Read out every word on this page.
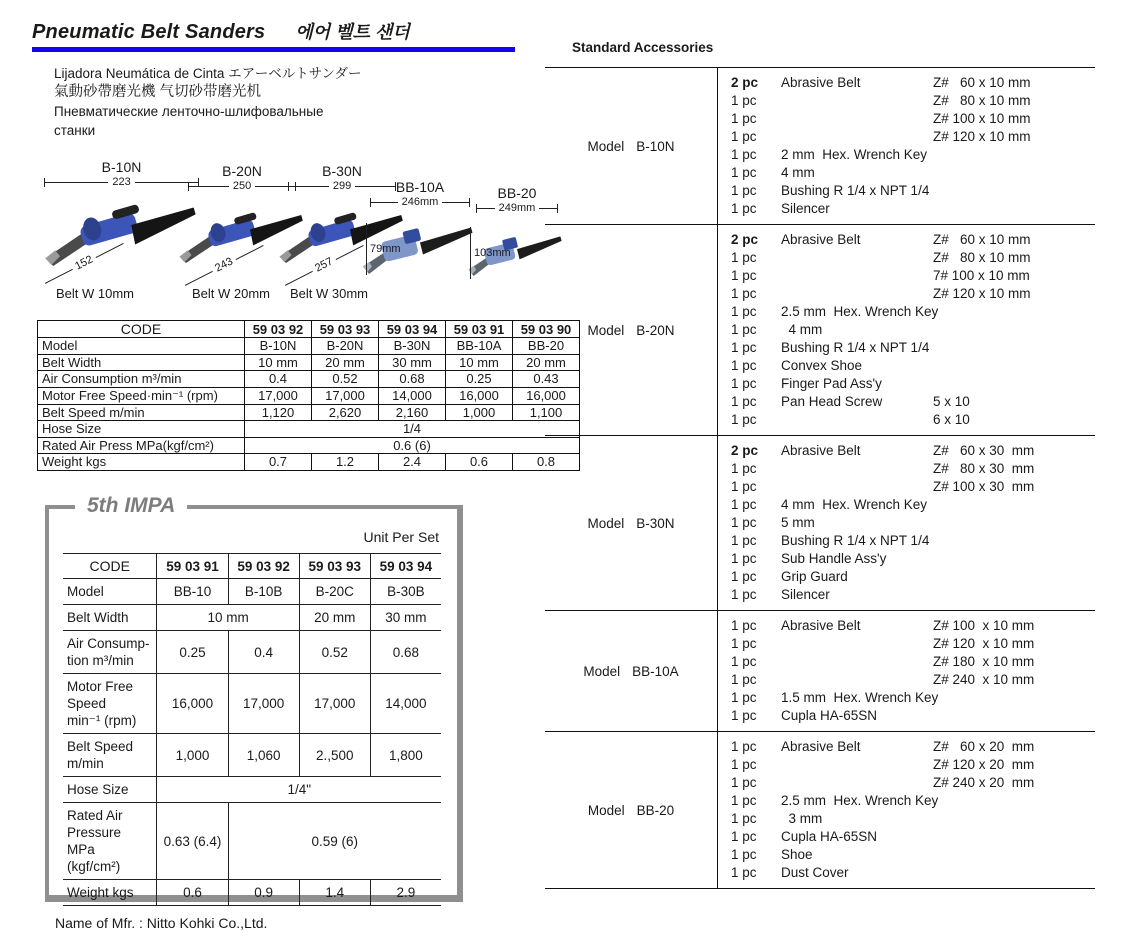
Pneumatic Belt Sanders 에어 벨트 샌더
Lijadora Neumática de Cinta エアーベルトサンダー
氣動砂帶磨光機 气切砂带磨光机
Пневматические ленточно-шлифовальные
станки
B-10N
223
152
Belt W 10mm
B-20N
250
243
Belt W 20mm
B-30N
299
257
Belt W 30mm
BB-10A
246mm
79mm
BB-20
249mm
103mm
CODE	59 03 92	59 03 93	59 03 94	59 03 91	59 03 90
Model	B-10N	B-20N	B-30N	BB-10A	BB-20
Belt Width	10 mm	20 mm	30 mm	10 mm	20 mm
Air Consumption m³/min	0.4	0.52	0.68	0.25	0.43
Motor Free Speed·min⁻¹ (rpm)	17,000	17,000	14,000	16,000	16,000
Belt Speed m/min	1,120	2,620	2,160	1,000	1,100
Hose Size	1/4				
Rated Air Press MPa(kgf/cm²)	0.6 (6)				
Weight kgs	0.7	1.2	2.4	0.6	0.8
5th IMPA
Unit Per Set
CODE	59 03 91	59 03 92	59 03 93	59 03 94
Model	BB-10	B-10B	B-20C	B-30B
Belt Width	10 mm		20 mm	30 mm
Air Consump-
tion m³/min	0.25	0.4	0.52	0.68
Motor Free
Speed
min⁻¹ (rpm)	16,000	17,000	17,000	14,000
Belt Speed
m/min	1,000	1,060	2.,500	1,800
Hose Size	1/4"			
Rated Air
Pressure MPa
(kgf/cm²)	0.63 (6.4)	0.59 (6)		
Weight kgs	0.6	0.9	1.4	2.9
Name of Mfr. : Nitto Kohki Co.,Ltd.
Standard Accessories
Model B-10N
2 pc	Abrasive Belt	Z#   60 x 10 mm
1 pc	Z#   80 x 10 mm
1 pc	Z# 100 x 10 mm
1 pc	Z# 120 x 10 mm
1 pc	2 mm  Hex. Wrench Key
1 pc	4 mm
1 pc	Bushing R 1/4 x NPT 1/4
1 pc	Silencer
Model B-20N
2 pc	Abrasive Belt	Z#   60 x 10 mm
1 pc	Z#   80 x 10 mm
1 pc	7# 100 x 10 mm
1 pc	Z# 120 x 10 mm
1 pc	2.5 mm  Hex. Wrench Key
1 pc	4 mm
1 pc	Bushing R 1/4 x NPT 1/4
1 pc	Convex Shoe
1 pc	Finger Pad Ass'y
1 pc	Pan Head Screw	5 x 10
1 pc	6 x 10
Model B-30N
2 pc	Abrasive Belt	Z#   60 x 30  mm
1 pc	Z#   80 x 30  mm
1 pc	Z# 100 x 30  mm
1 pc	4 mm  Hex. Wrench Key
1 pc	5 mm
1 pc	Bushing R 1/4 x NPT 1/4
1 pc	Sub Handle Ass'y
1 pc	Grip Guard
1 pc	Silencer
Model BB-10A
1 pc	Abrasive Belt	Z# 100  x 10 mm
1 pc	Z# 120  x 10 mm
1 pc	Z# 180  x 10 mm
1 pc	Z# 240  x 10 mm
1 pc	1.5 mm  Hex. Wrench Key
1 pc	Cupla HA-65SN
Model BB-20
1 pc	Abrasive Belt	Z#   60 x 20  mm
1 pc	Z# 120 x 20  mm
1 pc	Z# 240 x 20  mm
1 pc	2.5 mm  Hex. Wrench Key
1 pc	3 mm
1 pc	Cupla HA-65SN
1 pc	Shoe
1 pc	Dust Cover
